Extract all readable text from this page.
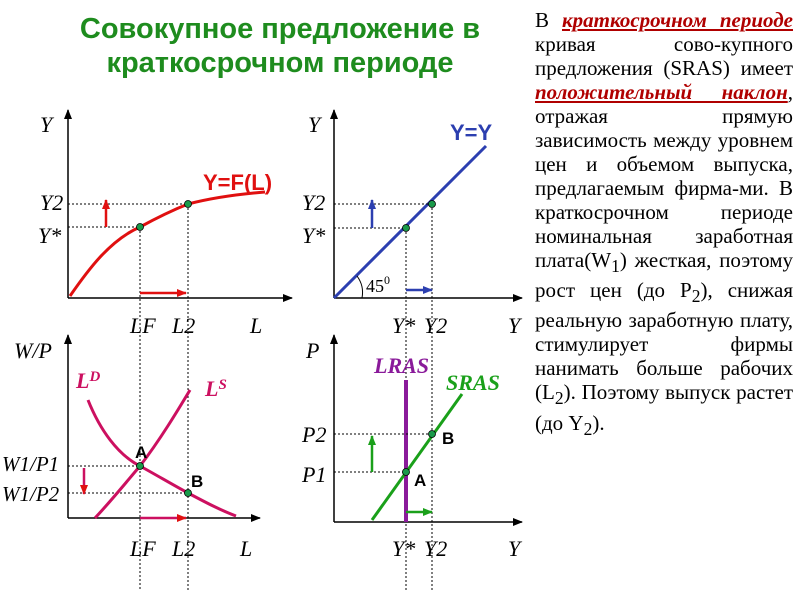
Совокупное предложение в краткосрочном периоде
Y
L
Y=F(L)
Y2
Y*
LF L2
Y
Y
Y=Y
$45^0$
Y2
Y*
Y* Y2
W/P
L
$L^D$	$L^S$
A
B
W1/P1
W1/P2
LF L2
P
Y
LRAS
SRAS
A
B
P2
P1
Y* Y2
В краткосрочном периоде кривая сово-купного предложения (SRAS) имеет положительный наклон, отражая прямую зависимость между уровнем цен и объемом выпуска, предлагаемым фирма-ми. В краткосрочном периоде номинальная заработная $плата(W_1)$ жесткая, поэтому рост цен (до $P_2$), снижая реальную заработную плату, стимулирует фирмы нанимать больше рабочих $(L_2)$. Поэтому выпуск растет (до $Y_2$).
